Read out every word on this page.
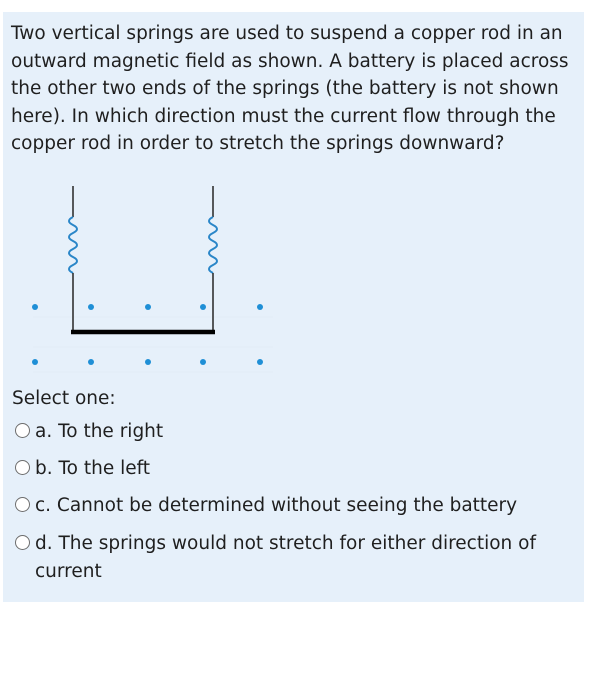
Two vertical springs are used to suspend a copper rod in an outward magnetic field as shown. A battery is placed across the other two ends of the springs (the battery is not shown here). In which direction must the current flow through the copper rod in order to stretch the springs downward?

Select one:
a. To the right
b. To the left
c. Cannot be determined without seeing the battery
d. The springs would not stretch for either direction of current
